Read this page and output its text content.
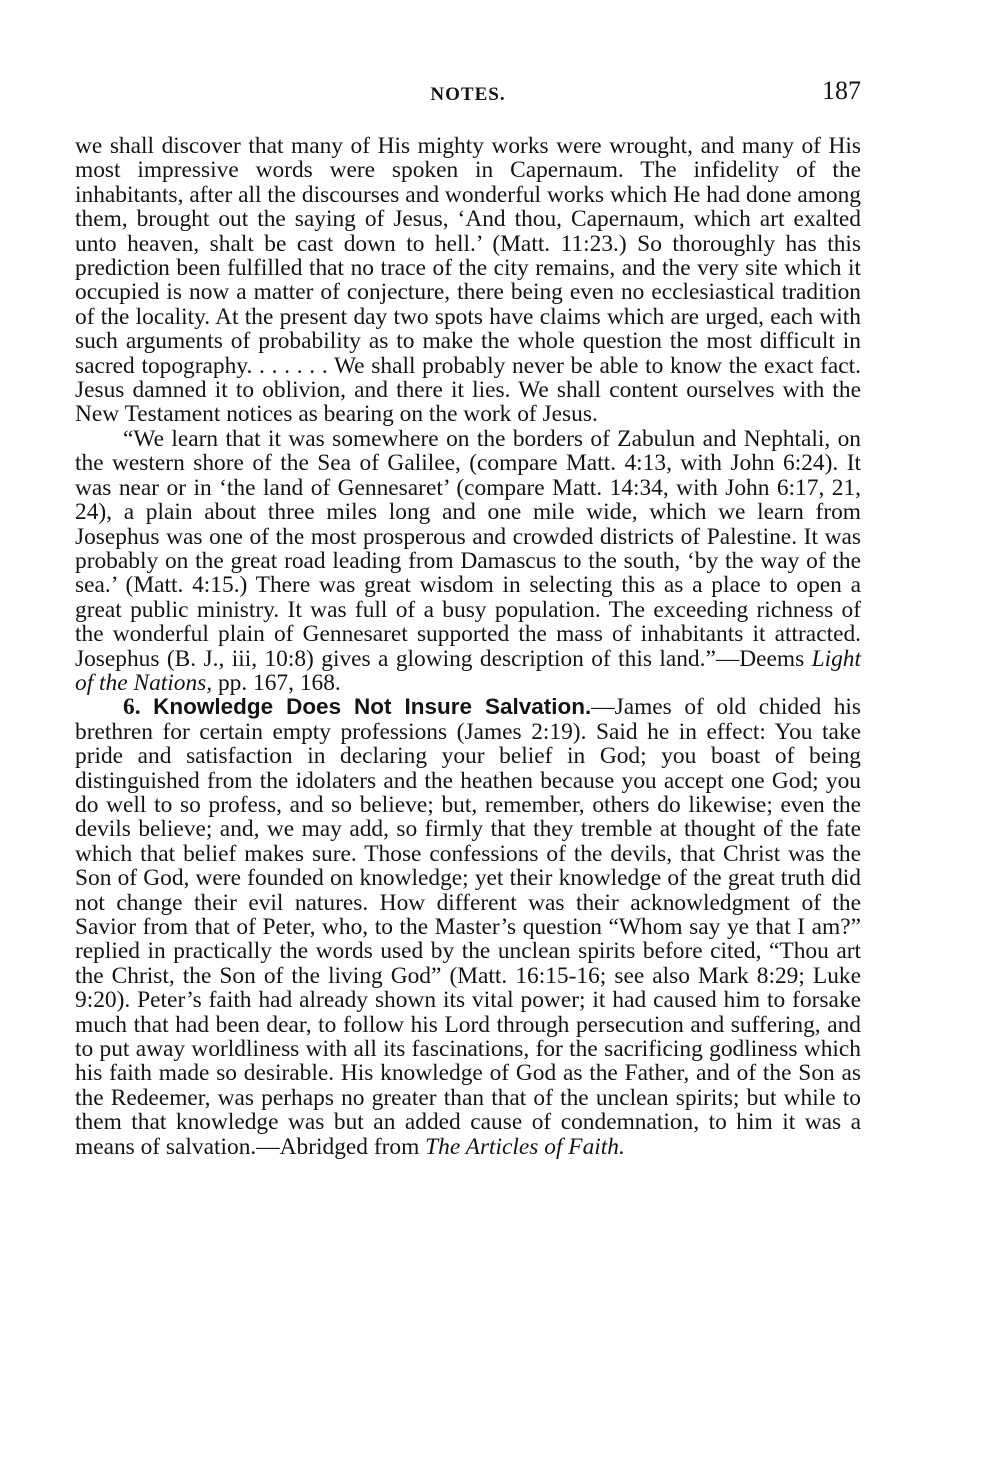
NOTES.	187

we shall discover that many of His mighty works were wrought, and many of His most impressive words were spoken in Capernaum. The infidelity of the inhabitants, after all the discourses and wonderful works which He had done among them, brought out the saying of Jesus, ‘And thou, Capernaum, which art exalted unto heaven, shalt be cast down to hell.’ (Matt. 11:23.) So thoroughly has this prediction been fulfilled that no trace of the city remains, and the very site which it occupied is now a matter of conjecture, there being even no ecclesiastical tradition of the locality. At the present day two spots have claims which are urged, each with such arguments of probability as to make the whole question the most difficult in sacred topography. . . . . . . We shall probably never be able to know the exact fact. Jesus damned it to oblivion, and there it lies. We shall content ourselves with the New Testament notices as bearing on the work of Jesus.

“We learn that it was somewhere on the borders of Zabulun and Nephtali, on the western shore of the Sea of Galilee, (compare Matt. 4:13, with John 6:24). It was near or in ‘the land of Gennesaret’ (compare Matt. 14:34, with John 6:17, 21, 24), a plain about three miles long and one mile wide, which we learn from Josephus was one of the most prosperous and crowded districts of Palestine. It was probably on the great road leading from Damascus to the south, ‘by the way of the sea.’ (Matt. 4:15.) There was great wisdom in selecting this as a place to open a great public ministry. It was full of a busy population. The exceeding richness of the wonderful plain of Gennesaret supported the mass of inhabitants it attracted. Josephus (B. J., iii, 10:8) gives a glowing description of this land.”—Deems Light of the Nations, pp. 167, 168.

6. Knowledge Does Not Insure Salvation.—James of old chided his brethren for certain empty professions (James 2:19). Said he in effect: You take pride and satisfaction in declaring your belief in God; you boast of being distinguished from the idolaters and the heathen because you accept one God; you do well to so profess, and so believe; but, remember, others do likewise; even the devils believe; and, we may add, so firmly that they tremble at thought of the fate which that belief makes sure. Those confessions of the devils, that Christ was the Son of God, were founded on knowledge; yet their knowledge of the great truth did not change their evil natures. How different was their acknowledgment of the Savior from that of Peter, who, to the Master’s question “Whom say ye that I am?” replied in practically the words used by the unclean spirits before cited, “Thou art the Christ, the Son of the living God” (Matt. 16:15-16; see also Mark 8:29; Luke 9:20). Peter’s faith had already shown its vital power; it had caused him to forsake much that had been dear, to follow his Lord through persecution and suffering, and to put away worldliness with all its fascinations, for the sacrificing godliness which his faith made so desirable. His knowledge of God as the Father, and of the Son as the Redeemer, was perhaps no greater than that of the unclean spirits; but while to them that knowledge was but an added cause of condemnation, to him it was a means of salvation.—Abridged from The Articles of Faith.
